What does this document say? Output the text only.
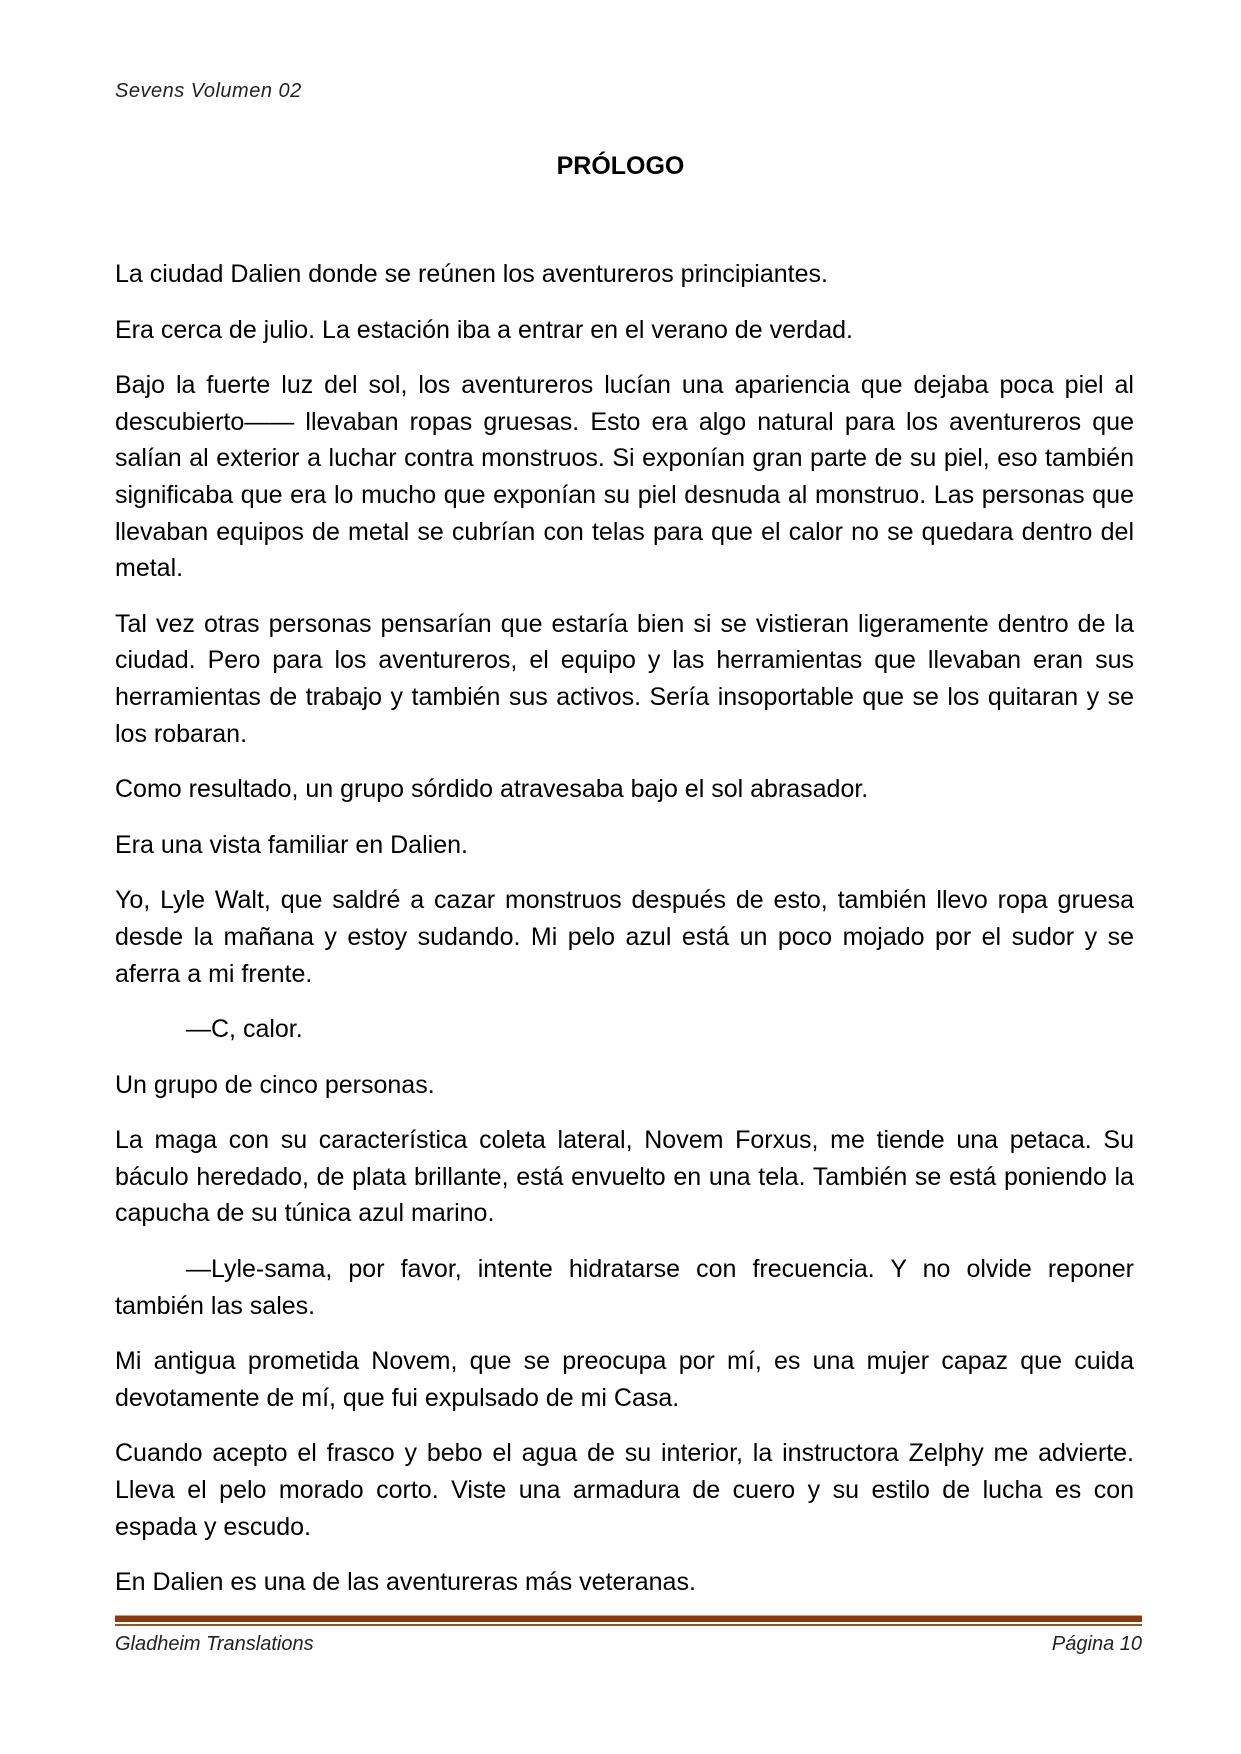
Sevens Volumen 02
PRÓLOGO

La ciudad Dalien donde se reúnen los aventureros principiantes.

Era cerca de julio. La estación iba a entrar en el verano de verdad.

Bajo la fuerte luz del sol, los aventureros lucían una apariencia que dejaba poca piel al descubierto—— llevaban ropas gruesas. Esto era algo natural para los aventureros que salían al exterior a luchar contra monstruos. Si exponían gran parte de su piel, eso también significaba que era lo mucho que exponían su piel desnuda al monstruo. Las personas que llevaban equipos de metal se cubrían con telas para que el calor no se quedara dentro del metal.

Tal vez otras personas pensarían que estaría bien si se vistieran ligeramente dentro de la ciudad. Pero para los aventureros, el equipo y las herramientas que llevaban eran sus herramientas de trabajo y también sus activos. Sería insoportable que se los quitaran y se los robaran.

Como resultado, un grupo sórdido atravesaba bajo el sol abrasador.

Era una vista familiar en Dalien.

Yo, Lyle Walt, que saldré a cazar monstruos después de esto, también llevo ropa gruesa desde la mañana y estoy sudando. Mi pelo azul está un poco mojado por el sudor y se aferra a mi frente.

—C, calor.

Un grupo de cinco personas.

La maga con su característica coleta lateral, Novem Forxus, me tiende una petaca. Su báculo heredado, de plata brillante, está envuelto en una tela. También se está poniendo la capucha de su túnica azul marino.

—Lyle-sama, por favor, intente hidratarse con frecuencia. Y no olvide reponer también las sales.

Mi antigua prometida Novem, que se preocupa por mí, es una mujer capaz que cuida devotamente de mí, que fui expulsado de mi Casa.

Cuando acepto el frasco y bebo el agua de su interior, la instructora Zelphy me advierte. Lleva el pelo morado corto. Viste una armadura de cuero y su estilo de lucha es con espada y escudo.

En Dalien es una de las aventureras más veteranas.

Gladheim Translations	Página 10
